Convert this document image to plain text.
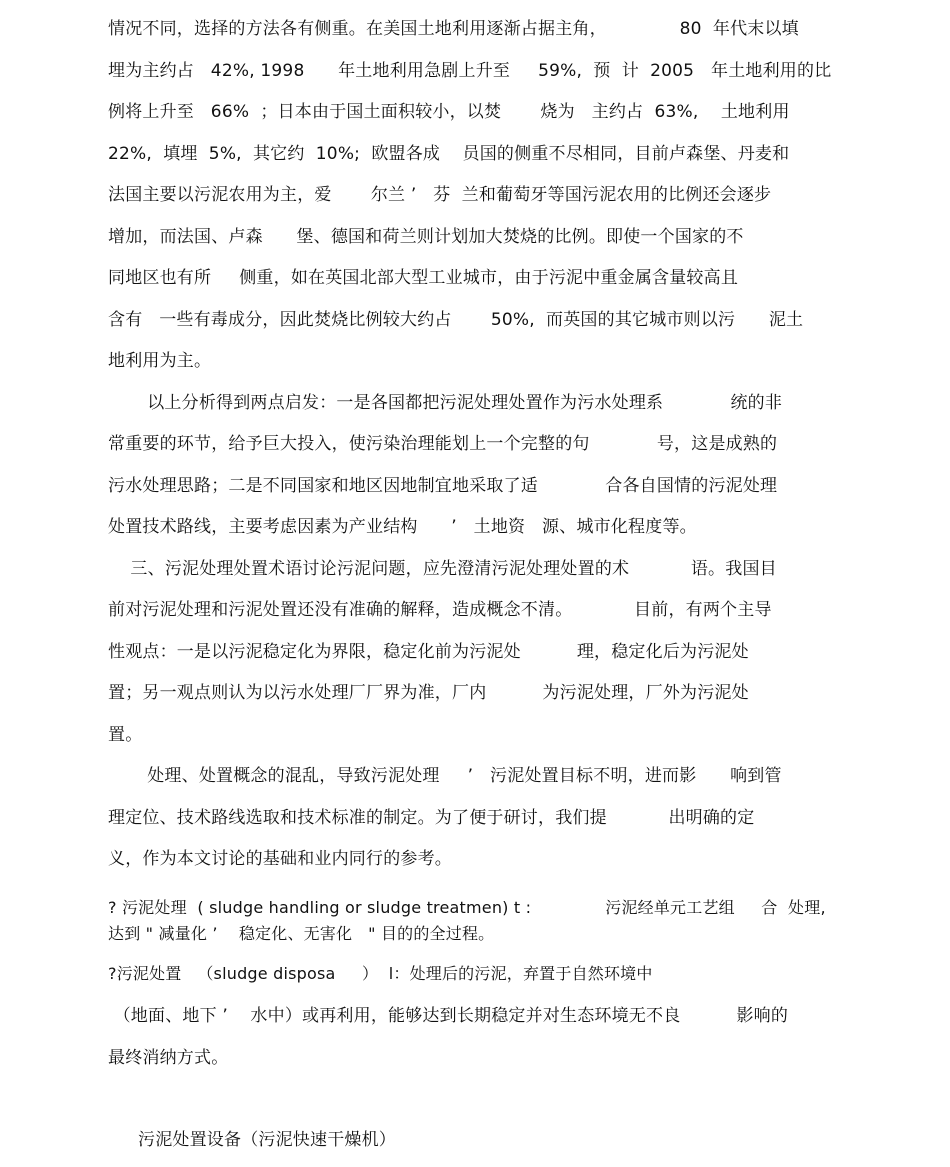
情况不同，选择的方法各有侧重。在美国土地利用逐渐占据主角，             80  年代末以填
埋为主约占   42%, 1998      年土地利用急剧上升至     59%,  预  计  2005   年土地利用的比
例将上升至   66%  ；日本由于国土面积较小，以焚       烧为   主约占  63%,    土地利用
22%,  填埋  5%,  其它约  10%;  欧盟各成    员国的侧重不尽相同，目前卢森堡、丹麦和
法国主要以污泥农用为主，爱       尔兰 ’   芬  兰和葡萄牙等国污泥农用的比例还会逐步
增加，而法国、卢森      堡、德国和荷兰则计划加大焚烧的比例。即使一个国家的不
同地区也有所     侧重，如在英国北部大型工业城市，由于污泥中重金属含量较高且
含有   一些有毒成分，因此焚烧比例较大约占       50%,  而英国的其它城市则以污      泥土
地利用为主。
以上分析得到两点启发：一是各国都把污泥处理处置作为污水处理系            统的非
常重要的环节，给予巨大投入，使污染治理能划上一个完整的句            号，这是成熟的
污水处理思路；二是不同国家和地区因地制宜地采取了适            合各自国情的污泥处理
处置技术路线，主要考虑因素为产业结构      ’   土地资   源、城市化程度等。
三、污泥处理处置术语讨论污泥问题，应先澄清污泥处理处置的术           语。我国目
前对污泥处理和污泥处置还没有准确的解释，造成概念不清。           目前，有两个主导
性观点：一是以污泥稳定化为界限，稳定化前为污泥处          理，稳定化后为污泥处
置；另一观点则认为以污水处理厂厂界为准，厂内          为污泥处理，厂外为污泥处
置。
处理、处置概念的混乱，导致污泥处理     ’   污泥处置目标不明，进而影      响到管
理定位、技术路线选取和技术标准的制定。为了便于研讨，我们提           出明确的定
义，作为本文讨论的基础和业内同行的参考。
? 污泥处理  ( sludge handling or sludge treatmen) t :              污泥经单元工艺组     合  处理,
达到 " 减量化 ’    稳定化、无害化   " 目的的全过程。
?污泥处置   （sludge disposa     ）  l：处理后的污泥，弃置于自然环境中
（地面、地下 ’    水中）或再利用，能够达到长期稳定并对生态环境无不良          影响的
最终消纳方式。
污泥处置设备（污泥快速干燥机）
